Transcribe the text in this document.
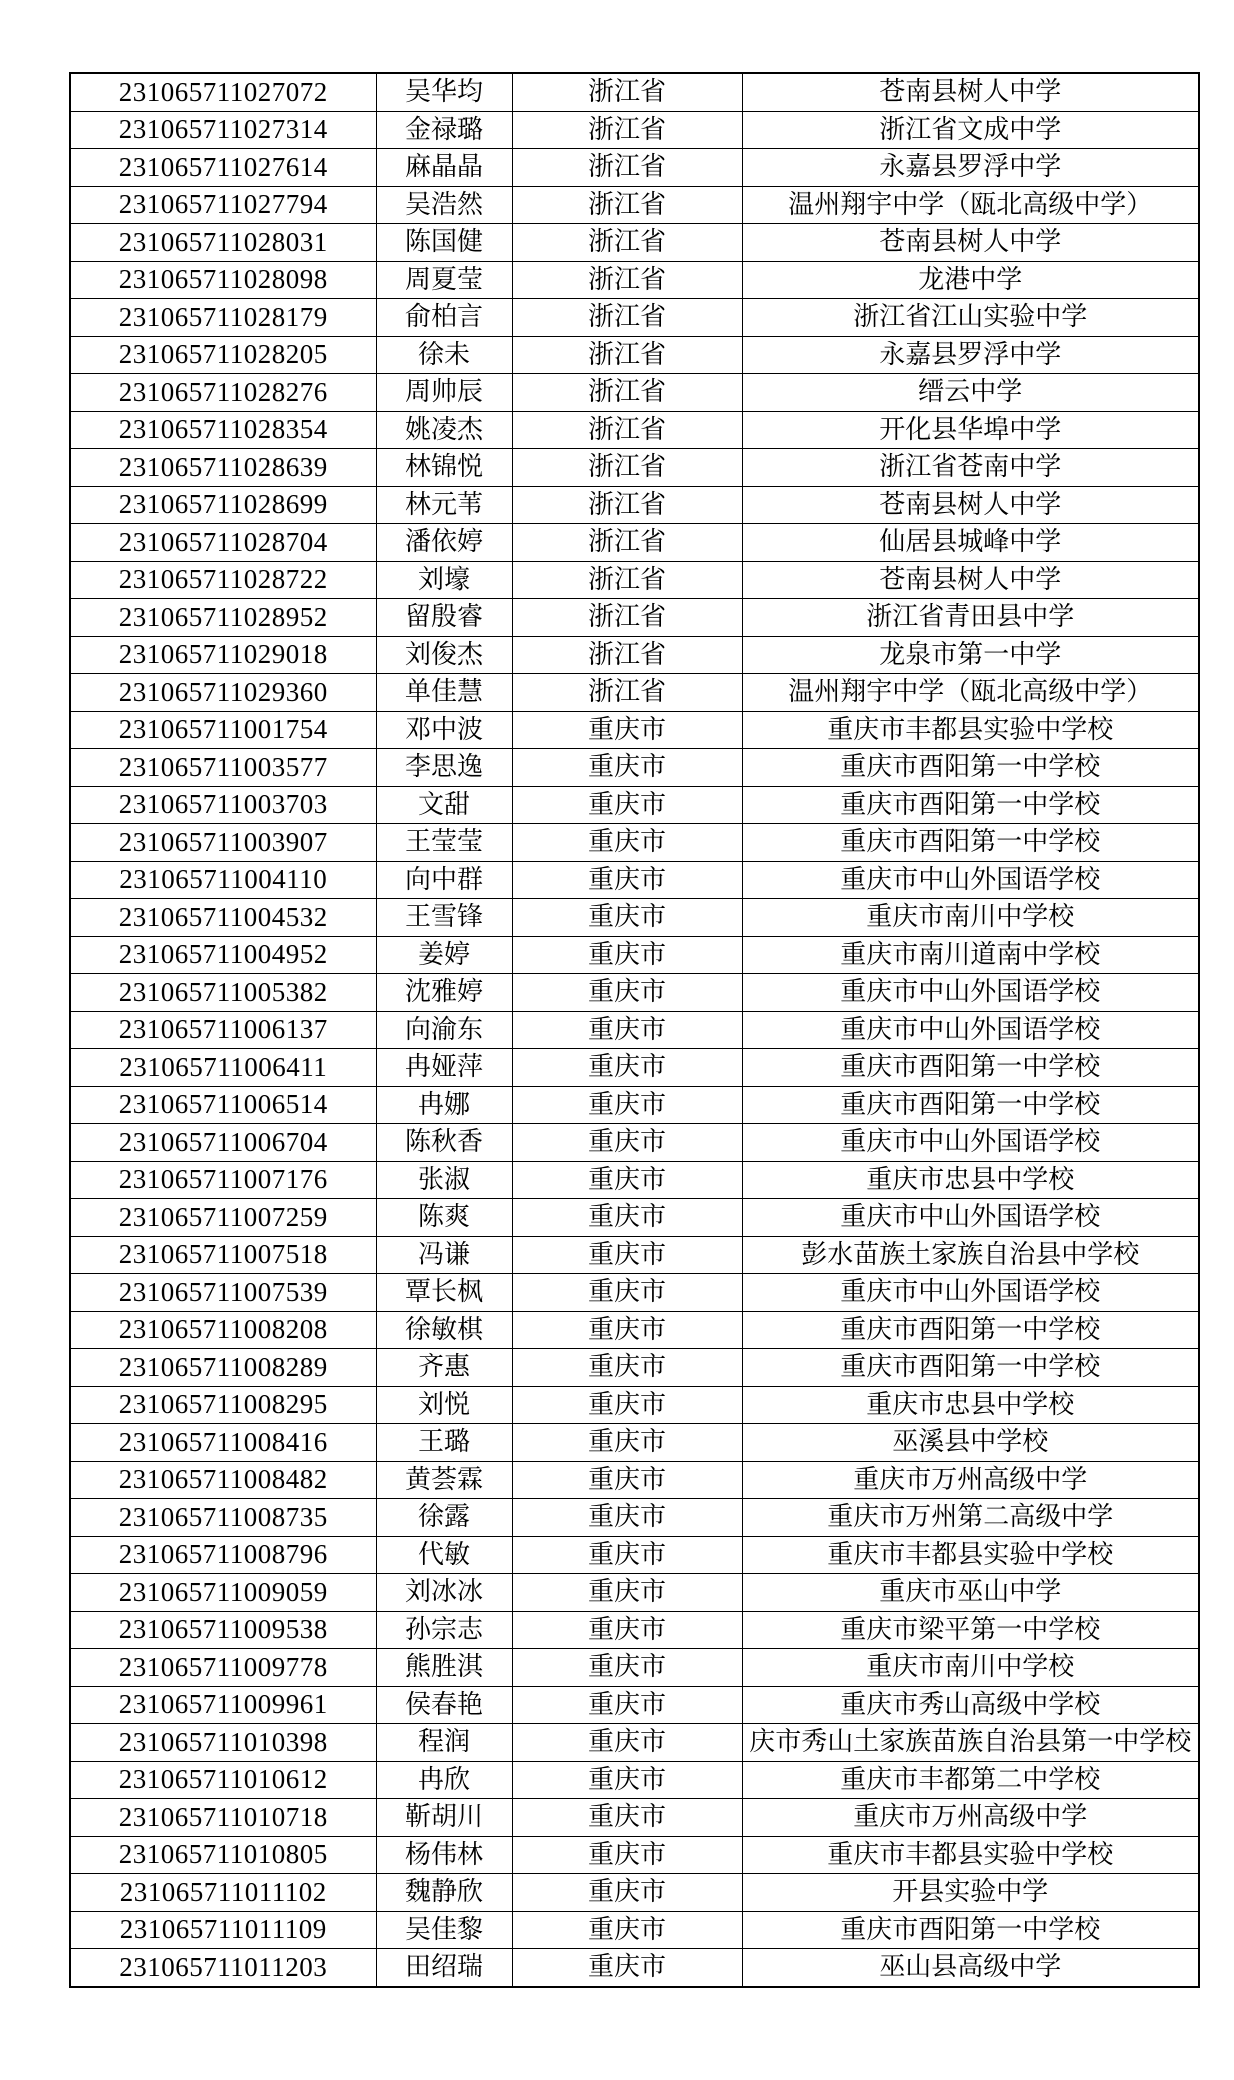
231065711027072	吴华均	浙江省	苍南县树人中学
231065711027314	金禄璐	浙江省	浙江省文成中学
231065711027614	麻晶晶	浙江省	永嘉县罗浮中学
231065711027794	吴浩然	浙江省	温州翔宇中学（瓯北高级中学）
231065711028031	陈国健	浙江省	苍南县树人中学
231065711028098	周夏莹	浙江省	龙港中学
231065711028179	俞柏言	浙江省	浙江省江山实验中学
231065711028205	徐未	浙江省	永嘉县罗浮中学
231065711028276	周帅辰	浙江省	缙云中学
231065711028354	姚凌杰	浙江省	开化县华埠中学
231065711028639	林锦悦	浙江省	浙江省苍南中学
231065711028699	林元苇	浙江省	苍南县树人中学
231065711028704	潘依婷	浙江省	仙居县城峰中学
231065711028722	刘壕	浙江省	苍南县树人中学
231065711028952	留殷睿	浙江省	浙江省青田县中学
231065711029018	刘俊杰	浙江省	龙泉市第一中学
231065711029360	单佳慧	浙江省	温州翔宇中学（瓯北高级中学）
231065711001754	邓中波	重庆市	重庆市丰都县实验中学校
231065711003577	李思逸	重庆市	重庆市酉阳第一中学校
231065711003703	文甜	重庆市	重庆市酉阳第一中学校
231065711003907	王莹莹	重庆市	重庆市酉阳第一中学校
231065711004110	向中群	重庆市	重庆市中山外国语学校
231065711004532	王雪锋	重庆市	重庆市南川中学校
231065711004952	姜婷	重庆市	重庆市南川道南中学校
231065711005382	沈雅婷	重庆市	重庆市中山外国语学校
231065711006137	向渝东	重庆市	重庆市中山外国语学校
231065711006411	冉娅萍	重庆市	重庆市酉阳第一中学校
231065711006514	冉娜	重庆市	重庆市酉阳第一中学校
231065711006704	陈秋香	重庆市	重庆市中山外国语学校
231065711007176	张淑	重庆市	重庆市忠县中学校
231065711007259	陈爽	重庆市	重庆市中山外国语学校
231065711007518	冯谦	重庆市	彭水苗族土家族自治县中学校
231065711007539	覃长枫	重庆市	重庆市中山外国语学校
231065711008208	徐敏棋	重庆市	重庆市酉阳第一中学校
231065711008289	齐惠	重庆市	重庆市酉阳第一中学校
231065711008295	刘悦	重庆市	重庆市忠县中学校
231065711008416	王璐	重庆市	巫溪县中学校
231065711008482	黄荟霖	重庆市	重庆市万州高级中学
231065711008735	徐露	重庆市	重庆市万州第二高级中学
231065711008796	代敏	重庆市	重庆市丰都县实验中学校
231065711009059	刘冰冰	重庆市	重庆市巫山中学
231065711009538	孙宗志	重庆市	重庆市梁平第一中学校
231065711009778	熊胜淇	重庆市	重庆市南川中学校
231065711009961	侯春艳	重庆市	重庆市秀山高级中学校
231065711010398	程润	重庆市	庆市秀山土家族苗族自治县第一中学校
231065711010612	冉欣	重庆市	重庆市丰都第二中学校
231065711010718	靳胡川	重庆市	重庆市万州高级中学
231065711010805	杨伟林	重庆市	重庆市丰都县实验中学校
231065711011102	魏静欣	重庆市	开县实验中学
231065711011109	吴佳黎	重庆市	重庆市酉阳第一中学校
231065711011203	田绍瑞	重庆市	巫山县高级中学
